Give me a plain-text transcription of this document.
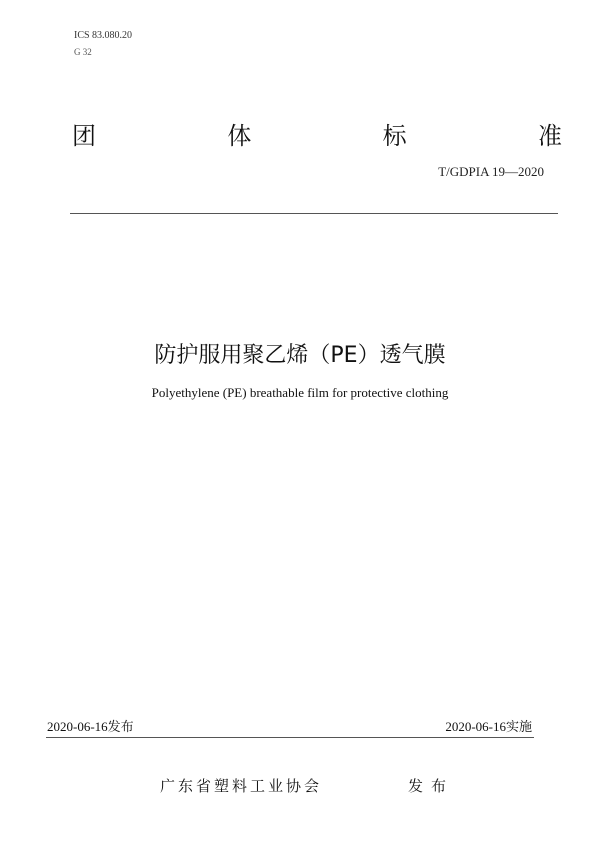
ICS 83.080.20
G 32
团	体	标	准
T/GDPIA 19—2020
防护服用聚乙烯（PE）透气膜
Polyethylene (PE) breathable film for protective clothing
2020-06-16发布	2020-06-16实施
广东省塑料工业协会	发布
